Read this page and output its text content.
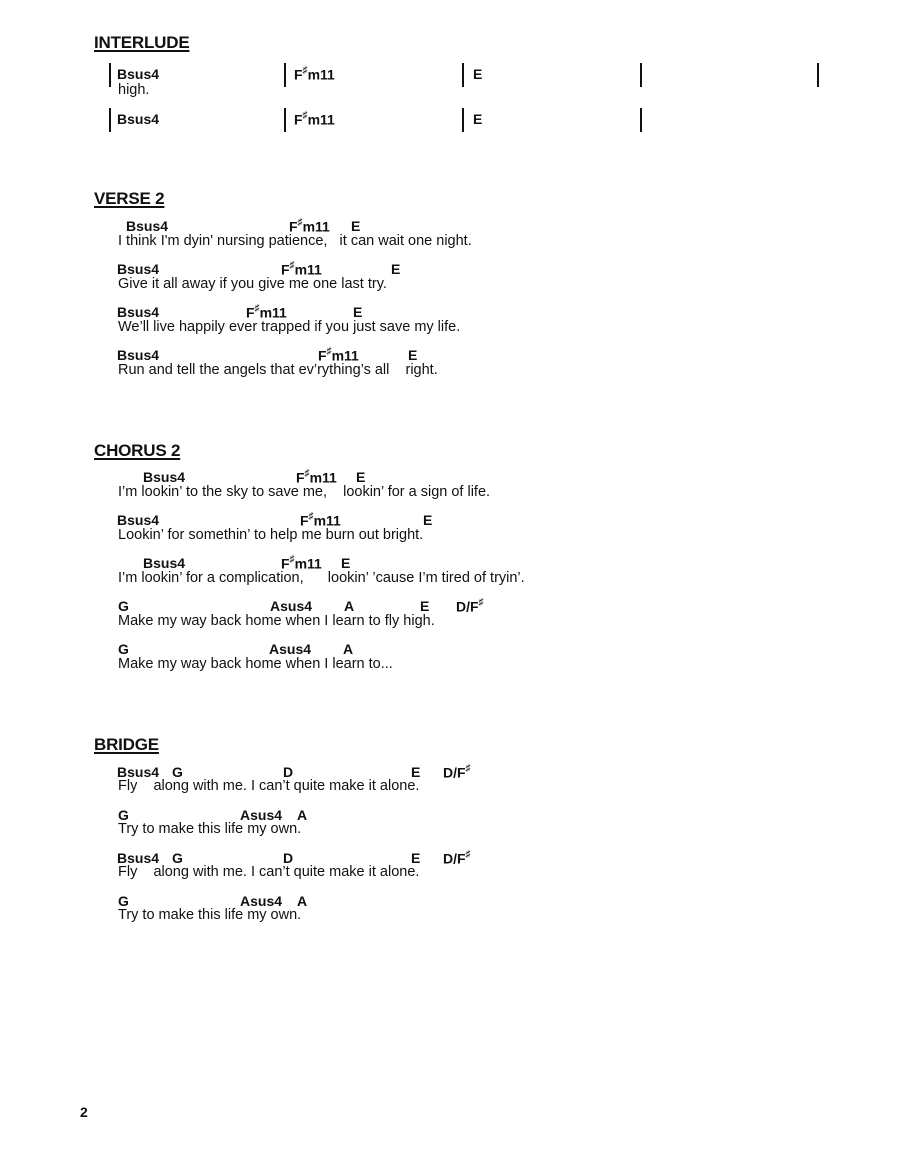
INTERLUDE
Bsus4	F♯m11	E
high.
Bsus4	F♯m11	E
VERSE 2
Bsus4	F♯m11 E
I think I'm dyin' nursing patience,   it can wait one night.
Bsus4	F♯m11	E
Give it all away if you give me one last try.
Bsus4	F♯m11	E
We’ll live happily ever trapped if you just save my life.
Bsus4	F♯m11	E
Run and tell the angels that ev’rything’s all    right.
CHORUS 2
Bsus4	F♯m11 E
I’m lookin’ to the sky to save me,    lookin’ for a sign of life.
Bsus4	F♯m11	E
Lookin’ for somethin’ to help me burn out bright.
Bsus4	F♯m11 E
I’m lookin’ for a complication,      lookin’ ’cause I’m tired of tryin’.
G	Asus4 A	E D/F♯
Make my way back home when I learn to fly high.
G	Asus4 A
Make my way back home when I learn to...
BRIDGE
Bsus4 G	D	E D/F♯
Fly    along with me. I can’t quite make it alone.
G	Asus4 A
Try to make this life my own.
Bsus4 G	D	E D/F♯
Fly    along with me. I can’t quite make it alone.
G	Asus4 A
Try to make this life my own.
2
